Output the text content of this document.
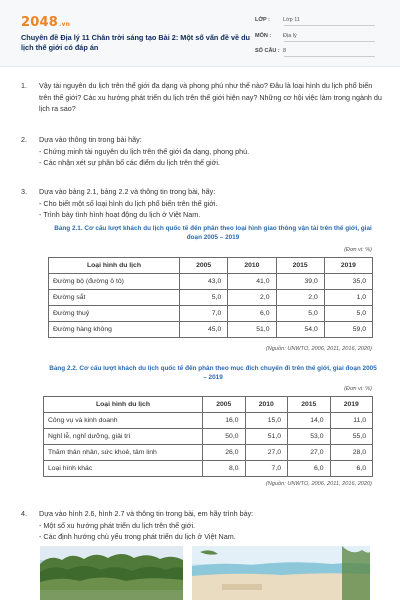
2048.vn
Chuyên đề Địa lý 11 Chân trời sáng tạo Bài 2: Một số vấn đề về du lịch thế giới có đáp án
LỚP : Lớp 11
MÔN : Địa lý
SỐ CÂU : 8
1. Vậy tài nguyên du lịch trên thế giới đa dạng và phong phú như thế nào? Đâu là loại hình du lịch phổ biến trên thế giới? Các xu hướng phát triển du lịch trên thế giới hiện nay? Những cơ hội việc làm trong ngành du lịch ra sao?
2. Dựa vào thông tin trong bài hãy:
- Chứng minh tài nguyên du lịch trên thế giới đa dạng, phong phú.
- Các nhận xét sự phân bố các điểm du lịch trên thế giới.
3. Dựa vào bảng 2.1, bảng 2.2 và thông tin trong bài, hãy:
- Cho biết một số loại hình du lịch phổ biến trên thế giới.
- Trình bày tình hình hoạt động du lịch ở Việt Nam.
Bảng 2.1. Cơ cấu lượt khách du lịch quốc tế đến phân theo loại hình giao thông vận tải trên thế giới, giai đoạn 2005 – 2019
(Đơn vị: %)
Loại hình du lịch	2005	2010	2015	2019
Đường bộ (đường ô tô)	43,0	41,0	39,0	35,0
Đường sắt	5,0	2,0	2,0	1,0
Đường thuỷ	7,0	6,0	5,0	5,0
Đường hàng không	45,0	51,0	54,0	59,0
(Nguồn: UNWTO, 2006, 2011, 2016, 2020)
Bảng 2.2. Cơ cấu lượt khách du lịch quốc tế đến phân theo mục đích chuyến đi trên thế giới, giai đoạn 2005 – 2019
(Đơn vị: %)
Loại hình du lịch	2005	2010	2015	2019
Công vụ và kinh doanh	16,0	15,0	14,0	11,0
Nghỉ lễ, nghỉ dưỡng, giải trí	50,0	51,0	53,0	55,0
Thăm thân nhân, sức khoẻ, tâm linh	26,0	27,0	27,0	28,0
Loại hình khác	8,0	7,0	6,0	6,0
(Nguồn: UNWTO, 2006, 2011, 2016, 2020)
4. Dựa vào hình 2.6, hình 2.7 và thông tin trong bài, em hãy trình bày:
- Một số xu hướng phát triển du lịch trên thế giới.
- Các định hướng chủ yếu trong phát triển du lịch ở Việt Nam.
